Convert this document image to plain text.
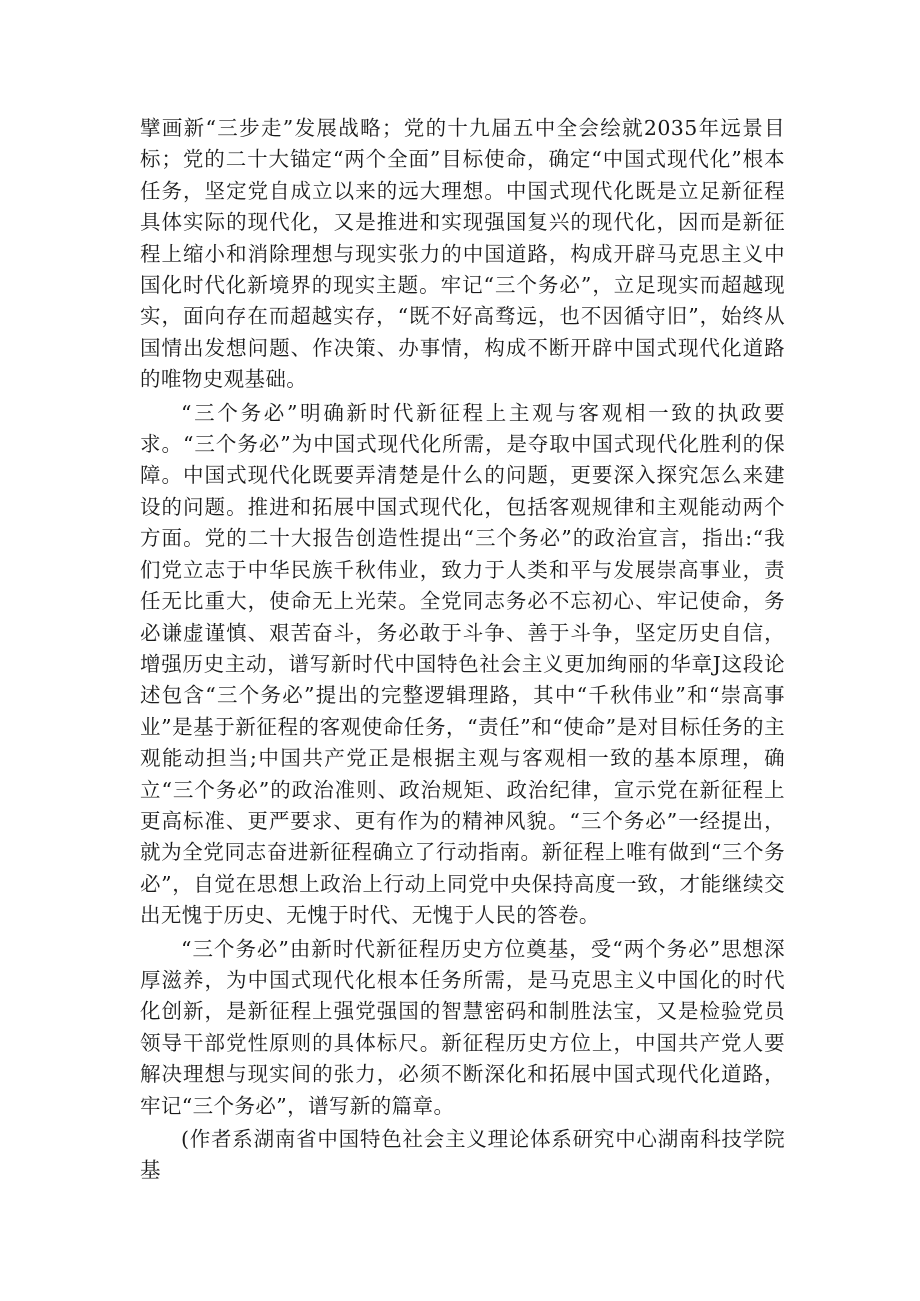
擘画新“三步走”发展战略；党的十九届五中全会绘就2035年远景目标；党的二十大锚定“两个全面”目标使命，确定“中国式现代化”根本任务，坚定党自成立以来的远大理想。中国式现代化既是立足新征程具体实际的现代化，又是推进和实现强国复兴的现代化，因而是新征程上缩小和消除理想与现实张力的中国道路，构成开辟马克思主义中国化时代化新境界的现实主题。牢记“三个务必”，立足现实而超越现实，面向存在而超越实存，“既不好高骛远，也不因循守旧”，始终从国情出发想问题、作决策、办事情，构成不断开辟中国式现代化道路的唯物史观基础。

“三个务必”明确新时代新征程上主观与客观相一致的执政要求。“三个务必”为中国式现代化所需，是夺取中国式现代化胜利的保障。中国式现代化既要弄清楚是什么的问题，更要深入探究怎么来建设的问题。推进和拓展中国式现代化，包括客观规律和主观能动两个方面。党的二十大报告创造性提出“三个务必”的政治宣言，指出:“我们党立志于中华民族千秋伟业，致力于人类和平与发展崇高事业，责任无比重大，使命无上光荣。全党同志务必不忘初心、牢记使命，务必谦虚谨慎、艰苦奋斗，务必敢于斗争、善于斗争，坚定历史自信，增强历史主动，谱写新时代中国特色社会主义更加绚丽的华章J这段论述包含“三个务必”提出的完整逻辑理路，其中“千秋伟业”和“崇高事业”是基于新征程的客观使命任务，“责任”和“使命”是对目标任务的主观能动担当;中国共产党正是根据主观与客观相一致的基本原理，确立“三个务必”的政治准则、政治规矩、政治纪律，宣示党在新征程上更高标准、更严要求、更有作为的精神风貌。“三个务必”一经提出，就为全党同志奋进新征程确立了行动指南。新征程上唯有做到“三个务必”，自觉在思想上政治上行动上同党中央保持高度一致，才能继续交出无愧于历史、无愧于时代、无愧于人民的答卷。

“三个务必”由新时代新征程历史方位奠基，受“两个务必”思想深厚滋养，为中国式现代化根本任务所需，是马克思主义中国化的时代化创新，是新征程上强党强国的智慧密码和制胜法宝，又是检验党员领导干部党性原则的具体标尺。新征程历史方位上，中国共产党人要解决理想与现实间的张力，必须不断深化和拓展中国式现代化道路，牢记“三个务必”，谱写新的篇章。

(作者系湖南省中国特色社会主义理论体系研究中心湖南科技学院基
